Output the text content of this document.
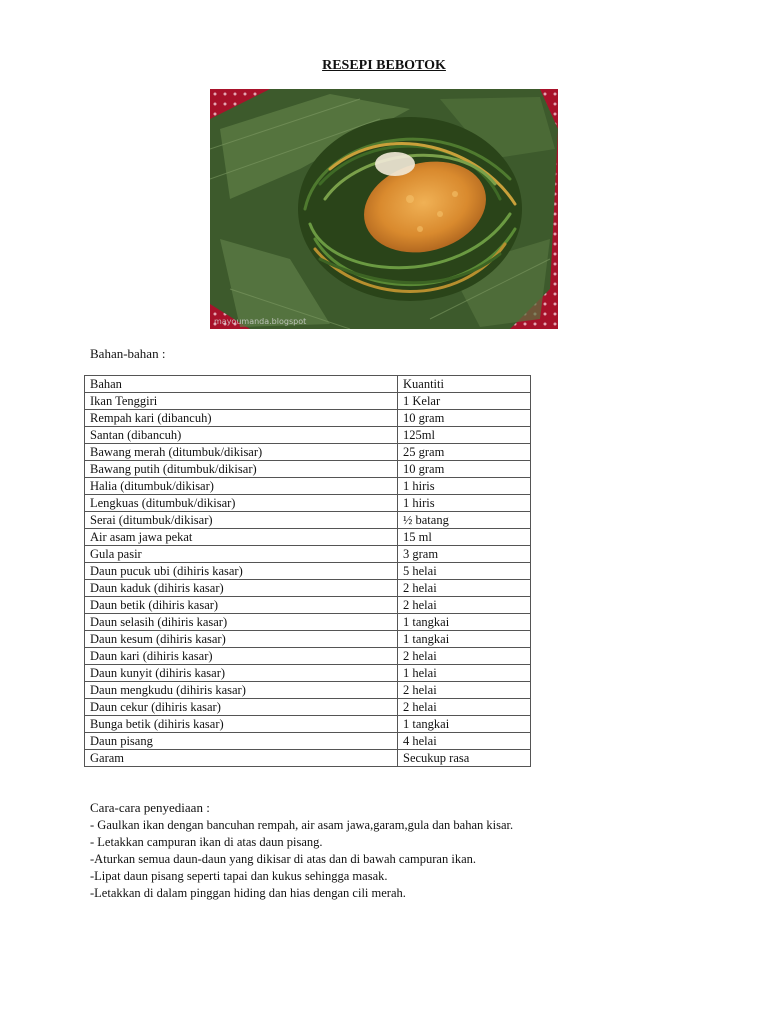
RESEPI BEBOTOK
mayoumanda.blogspot
Bahan-bahan :
Bahan	Kuantiti
Ikan Tenggiri	1 Kelar
Rempah kari (dibancuh)	10 gram
Santan (dibancuh)	125ml
Bawang merah (ditumbuk/dikisar)	25 gram
Bawang putih (ditumbuk/dikisar)	10 gram
Halia (ditumbuk/dikisar)	1 hiris
Lengkuas (ditumbuk/dikisar)	1 hiris
Serai (ditumbuk/dikisar)	½ batang
Air asam jawa pekat	15 ml
Gula pasir	3 gram
Daun pucuk ubi (dihiris kasar)	5 helai
Daun kaduk (dihiris kasar)	2 helai
Daun betik (dihiris kasar)	2 helai
Daun selasih (dihiris kasar)	1 tangkai
Daun kesum (dihiris kasar)	1 tangkai
Daun kari (dihiris kasar)	2 helai
Daun kunyit (dihiris kasar)	1 helai
Daun mengkudu (dihiris kasar)	2 helai
Daun cekur (dihiris kasar)	2 helai
Bunga betik (dihiris kasar)	1 tangkai
Daun pisang	4 helai
Garam	Secukup rasa
Cara-cara penyediaan :
- Gaulkan ikan dengan bancuhan rempah, air asam jawa,garam,gula dan bahan kisar.
- Letakkan campuran ikan di atas daun pisang.
-Aturkan semua daun-daun yang dikisar di atas dan di bawah campuran ikan.
-Lipat daun pisang seperti tapai dan kukus sehingga masak.
-Letakkan di dalam pinggan hiding dan hias dengan cili merah.
